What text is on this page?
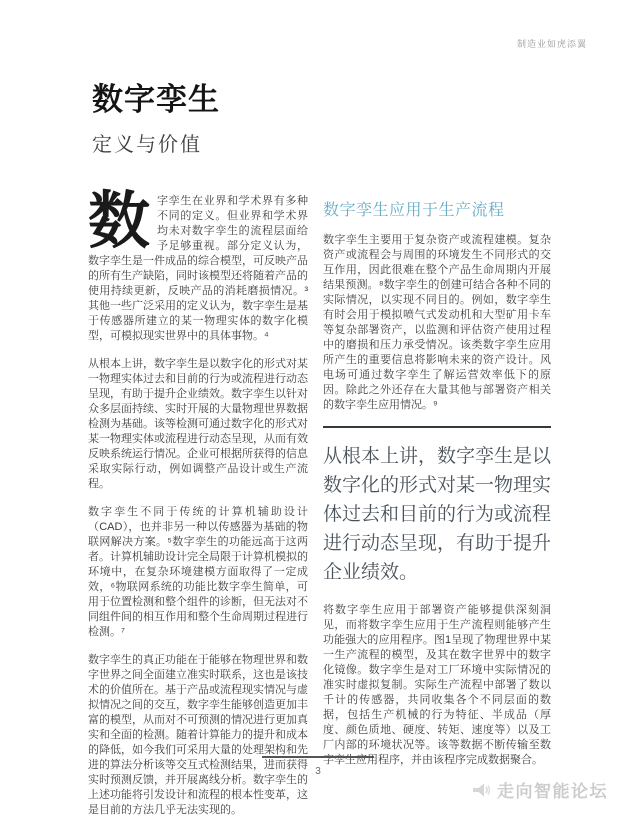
制造业如虎添翼
数字孪生
定义与价值

数字孪生在业界和学术界有多种不同的定义。但业界和学术界均未对数字孪生的流程层面给予足够重视。部分定义认为，数字孪生是一件成品的综合模型，可反映产品的所有生产缺陷，同时该模型还将随着产品的使用持续更新，反映产品的消耗磨损情况。³其他一些广泛采用的定义认为，数字孪生是基于传感器所建立的某一物理实体的数字化模型，可模拟现实世界中的具体事物。⁴

从根本上讲，数字孪生是以数字化的形式对某一物理实体过去和目前的行为或流程进行动态呈现，有助于提升企业绩效。数字孪生以针对众多层面持续、实时开展的大量物理世界数据检测为基础。该等检测可通过数字化的形式对某一物理实体或流程进行动态呈现，从而有效反映系统运行情况。企业可根据所获得的信息采取实际行动，例如调整产品设计或生产流程。

数字孪生不同于传统的计算机辅助设计（CAD），也并非另一种以传感器为基础的物联网解决方案。⁵数字孪生的功能远高于这两者。计算机辅助设计完全局限于计算机模拟的环境中，在复杂环境建模方面取得了一定成效，⁶物联网系统的功能比数字孪生简单，可用于位置检测和整个组件的诊断，但无法对不同组件间的相互作用和整个生命周期过程进行检测。⁷

数字孪生的真正功能在于能够在物理世界和数字世界之间全面建立准实时联系，这也是该技术的价值所在。基于产品或流程现实情况与虚拟情况之间的交互，数字孪生能够创造更加丰富的模型，从而对不可预测的情况进行更加真实和全面的检测。随着计算能力的提升和成本的降低，如今我们可采用大量的处理架构和先进的算法分析该等交互式检测结果，进而获得实时预测反馈，并开展离线分析。数字孪生的上述功能将引发设计和流程的根本性变革，这是目前的方法几乎无法实现的。

数字孪生应用于生产流程

数字孪生主要用于复杂资产或流程建模。复杂资产或流程会与周围的环境发生不同形式的交互作用，因此很难在整个产品生命周期内开展结果预测。⁸数字孪生的创建可结合各种不同的实际情况，以实现不同目的。例如，数字孪生有时会用于模拟喷气式发动机和大型矿用卡车等复杂部署资产，以监测和评估资产使用过程中的磨损和压力承受情况。该类数字孪生应用所产生的重要信息将影响未来的资产设计。风电场可通过数字孪生了解运营效率低下的原因。除此之外还存在大量其他与部署资产相关的数字孪生应用情况。⁹

从根本上讲，数字孪生是以数字化的形式对某一物理实体过去和目前的行为或流程进行动态呈现，有助于提升企业绩效。

将数字孪生应用于部署资产能够提供深刻洞见，而将数字孪生应用于生产流程则能够产生功能强大的应用程序。图1呈现了物理世界中某一生产流程的模型，及其在数字世界中的数字化镜像。数字孪生是对工厂环境中实际情况的准实时虚拟复制。实际生产流程中部署了数以千计的传感器，共同收集各个不同层面的数据，包括生产机械的行为特征、半成品（厚度、颜色质地、硬度、转矩、速度等）以及工厂内部的环境状况等。该等数据不断传输至数字孪生应用程序，并由该程序完成数据聚合。

3
走向智能论坛
